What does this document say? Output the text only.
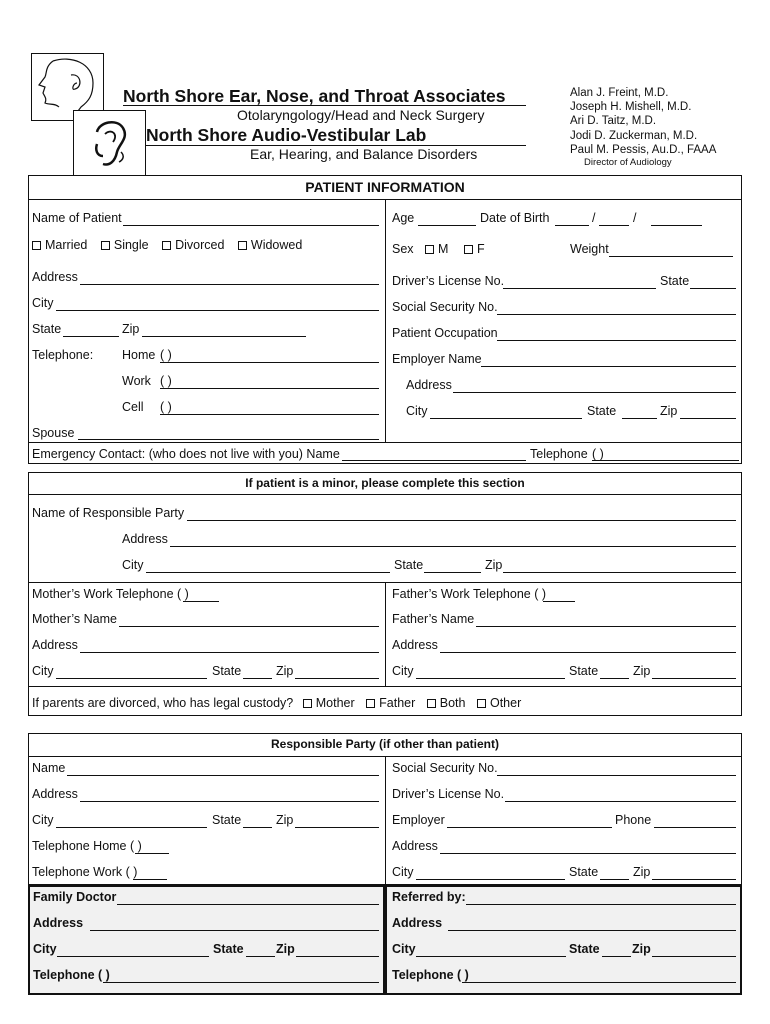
North Shore Ear, Nose, and Throat Associates
Otolaryngology/Head and Neck Surgery
North Shore Audio-Vestibular Lab
Ear, Hearing, and Balance Disorders
Alan J. Freint, M.D.
Joseph H. Mishell, M.D.
Ari D. Taitz, M.D.
Jodi D. Zuckerman, M.D.
Paul M. Pessis, Au.D., FAAA
Director of Audiology
PATIENT INFORMATION
Name of Patient
Married Single Divorced Widowed
Address
City
State	Zip
Telephone: Home ( )
Work ( )
Cell ( )
Spouse
Age	Date of Birth	/	/
Sex M F	Weight
Driver’s License No.	State
Social Security No.
Patient Occupation
Employer Name
Address
City	State	Zip
Emergency Contact: (who does not live with you) Name	Telephone ( )
If patient is a minor, please complete this section
Name of Responsible Party
Address
City	State	Zip
Mother’s Work Telephone ( )	Father’s Work Telephone ( )
Mother’s Name	Father’s Name
Address	Address
City	State	Zip	City	State	Zip
If parents are divorced, who has legal custody? Mother Father Both Other
Responsible Party (if other than patient)
Name	Social Security No.
Address	Driver’s License No.
City	State	Zip	Employer	Phone
Telephone Home ( )	Address
Telephone Work ( )	City	State	Zip
Family Doctor
Address
City	State	Zip
Telephone ( )
Referred by:
Address
City	State	Zip
Telephone ( )
